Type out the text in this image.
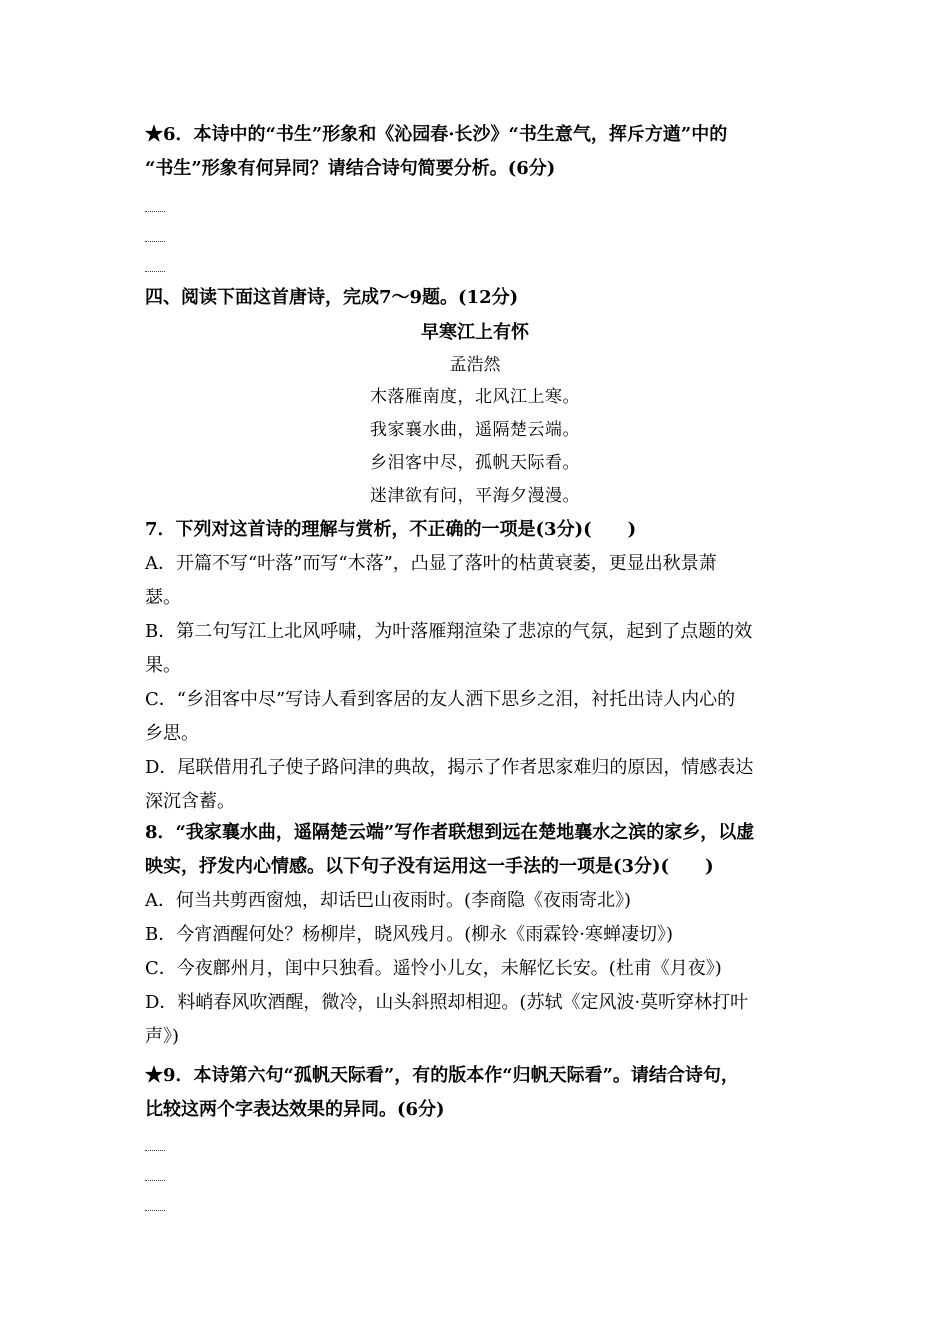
★6．本诗中的“书生”形象和《沁园春·长沙》“书生意气，挥斥方遒”中的
“书生”形象有何异同？请结合诗句简要分析。(6分)
四、阅读下面这首唐诗，完成7～9题。(12分)
早寒江上有怀
孟浩然
木落雁南度，北风江上寒。
我家襄水曲，遥隔楚云端。
乡泪客中尽，孤帆天际看。
迷津欲有问，平海夕漫漫。
7．下列对这首诗的理解与赏析，不正确的一项是(3分)(　　)
A．开篇不写“叶落”而写“木落”，凸显了落叶的枯黄衰萎，更显出秋景萧
瑟。
B．第二句写江上北风呼啸，为叶落雁翔渲染了悲凉的气氛，起到了点题的效
果。
C．“乡泪客中尽”写诗人看到客居的友人洒下思乡之泪，衬托出诗人内心的
乡思。
D．尾联借用孔子使子路问津的典故，揭示了作者思家难归的原因，情感表达
深沉含蓄。
8．“我家襄水曲，遥隔楚云端”写作者联想到远在楚地襄水之滨的家乡，以虚
映实，抒发内心情感。以下句子没有运用这一手法的一项是(3分)(　　)
A．何当共剪西窗烛，却话巴山夜雨时。(李商隐《夜雨寄北》)
B．今宵酒醒何处？杨柳岸，晓风残月。(柳永《雨霖铃·寒蝉凄切》)
C．今夜鄜州月，闺中只独看。遥怜小儿女，未解忆长安。(杜甫《月夜》)
D．料峭春风吹酒醒，微冷，山头斜照却相迎。(苏轼《定风波·莫听穿林打叶
声》)
★9．本诗第六句“孤帆天际看”，有的版本作“归帆天际看”。请结合诗句，
比较这两个字表达效果的异同。(6分)
